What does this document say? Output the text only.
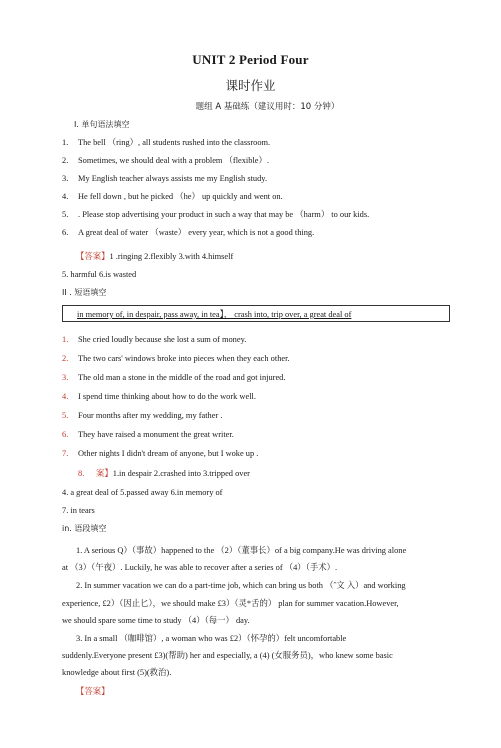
UNIT 2 Period Four
课时作业
题组 A 基础练（建议用时：10 分钟）
I. 单句语法填空
1. The bell （ring）, all students rushed into the classroom.
2. Sometimes, we should deal with a problem （flexible）.
3. My English teacher always assists me my English study.
4. He fell down , but he picked （he） up quickly and went on.
5. . Please stop advertising your product in such a way that may be （harm） to our kids.
6. A great deal of water （waste） every year, which is not a good thing.
【答案】1 .ringing 2.flexibly 3.with 4.himself
5. harmful 6.is wasted
II . 短语填空
in memory of, in despair, pass away, in tea】， crash into, trip over, a great deal of
1. She cried loudly because she lost a sum of money.
2. The two cars' windows broke into pieces when they each other.
3. The old man a stone in the middle of the road and got injured.
4. I spend time thinking about how to do the work well.
5. Four months after my wedding, my father .
6. They have raised a monument the great writer.
7. Other nights I didn't dream of anyone, but I woke up .
8. 案】1.in despair 2.crashed into 3.tripped over
4. a great deal of 5.passed away 6.in memory of
7. in tears
in. 语段填空
1. A serious Q）（事故）happened to the （2）（董事长）of a big company.He was driving alone
at （3）（午夜）. Luckily, he was able to recover after a series of （4）（手术）.
2. In summer vacation we can do a part-time job, which can bring us both （ˆ文 入）and working
experience, £2）（因止匕），we should make £3）（灵*舌的） plan for summer vacation.However,
we should spare some time to study （4）（每一） day.
3. In a small （咖啡馆）, a woman who was £2）（怀孕的）felt uncomfortable
suddenly.Everyone present £3)(帮助) her and especially, a (4) (女服务员)，who knew some basic
knowledge about first (5)(救治).
【答案】
